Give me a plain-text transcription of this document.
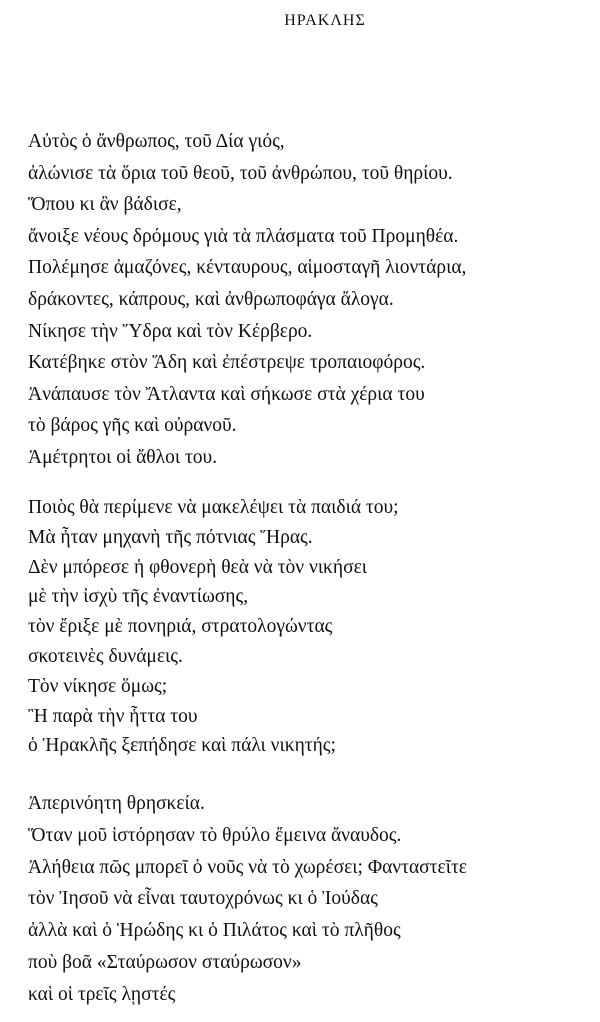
ΗΡΑΚΛΗΣ
Αὐτὸς ὁ ἄνθρωπος, τοῦ Δία γιός,
ἀλώνισε τὰ ὅρια τοῦ θεοῦ, τοῦ ἀνθρώπου, τοῦ θηρίου.
Ὅπου κι ἂν βάδισε,
ἄνοιξε νέους δρόμους γιὰ τὰ πλάσματα τοῦ Προμηθέα.
Πολέμησε ἀμαζόνες, κένταυρους, αἱμοσταγῆ λιοντάρια,
δράκοντες, κάπρους, καὶ ἀνθρωποφάγα ἄλογα.
Νίκησε τὴν Ὕδρα καὶ τὸν Κέρβερο.
Κατέβηκε στὸν Ἅδη καὶ ἐπέστρεψε τροπαιοφόρος.
Ἀνάπαυσε τὸν Ἄτλαντα καὶ σήκωσε στὰ χέρια του
τὸ βάρος γῆς καὶ οὐρανοῦ.
Ἀμέτρητοι οἱ ἄθλοι του.
Ποιὸς θὰ περίμενε νὰ μακελέψει τὰ παιδιά του;
Μὰ ἦταν μηχανὴ τῆς πότνιας Ἥρας.
Δὲν μπόρεσε ἡ φθονερὴ θεὰ νὰ τὸν νικήσει
μὲ τὴν ἰσχὺ τῆς ἐναντίωσης,
τὸν ἔριξε μὲ πονηριά, στρατολογώντας
σκοτεινὲς δυνάμεις.
Τὸν νίκησε ὅμως;
Ἢ παρὰ τὴν ἧττα του
ὁ Ἡρακλῆς ξεπήδησε καὶ πάλι νικητής;
Ἀπερινόητη θρησκεία.
Ὅταν μοῦ ἱστόρησαν τὸ θρύλο ἔμεινα ἄναυδος.
Ἀλήθεια πῶς μπορεῖ ὁ νοῦς νὰ τὸ χωρέσει; Φανταστεῖτε
τὸν Ἰησοῦ νὰ εἶναι ταυτοχρόνως κι ὁ Ἰούδας
ἀλλὰ καὶ ὁ Ἡρώδης κι ὁ Πιλάτος καὶ τὸ πλῆθος
ποὺ βοᾶ «Σταύρωσον σταύρωσον»
καὶ οἱ τρεῖς λῃστές
